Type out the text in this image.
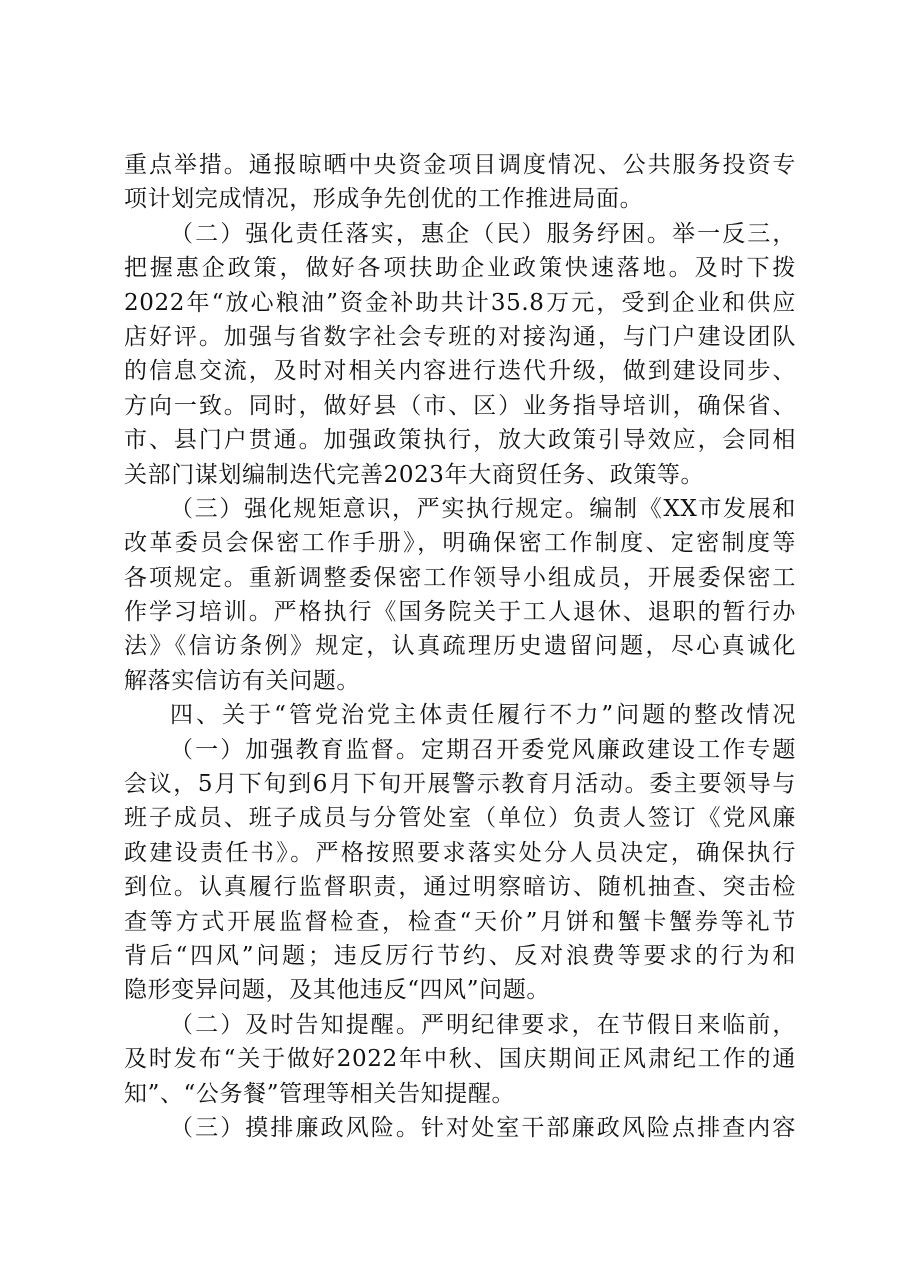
重点举措。通报晾晒中央资金项目调度情况、公共服务投资专
项计划完成情况，形成争先创优的工作推进局面。
（二）强化责任落实，惠企（民）服务纾困。举一反三，
把握惠企政策，做好各项扶助企业政策快速落地。及时下拨
2022年“放心粮油”资金补助共计35.8万元，受到企业和供应
店好评。加强与省数字社会专班的对接沟通，与门户建设团队
的信息交流，及时对相关内容进行迭代升级，做到建设同步、
方向一致。同时，做好县（市、区）业务指导培训，确保省、
市、县门户贯通。加强政策执行，放大政策引导效应，会同相
关部门谋划编制迭代完善2023年大商贸任务、政策等。
（三）强化规矩意识，严实执行规定。编制《XX市发展和
改革委员会保密工作手册》，明确保密工作制度、定密制度等
各项规定。重新调整委保密工作领导小组成员，开展委保密工
作学习培训。严格执行《国务院关于工人退休、退职的暂行办
法》《信访条例》规定，认真疏理历史遗留问题，尽心真诚化
解落实信访有关问题。
四、关于“管党治党主体责任履行不力”问题的整改情况
（一）加强教育监督。定期召开委党风廉政建设工作专题
会议，5月下旬到6月下旬开展警示教育月活动。委主要领导与
班子成员、班子成员与分管处室（单位）负责人签订《党风廉
政建设责任书》。严格按照要求落实处分人员决定，确保执行
到位。认真履行监督职责，通过明察暗访、随机抽查、突击检
查等方式开展监督检查，检查“天价”月饼和蟹卡蟹券等礼节
背后“四风”问题；违反厉行节约、反对浪费等要求的行为和
隐形变异问题，及其他违反“四风”问题。
（二）及时告知提醒。严明纪律要求，在节假日来临前，
及时发布“关于做好2022年中秋、国庆期间正风肃纪工作的通
知”、“公务餐”管理等相关告知提醒。
（三）摸排廉政风险。针对处室干部廉政风险点排查内容
